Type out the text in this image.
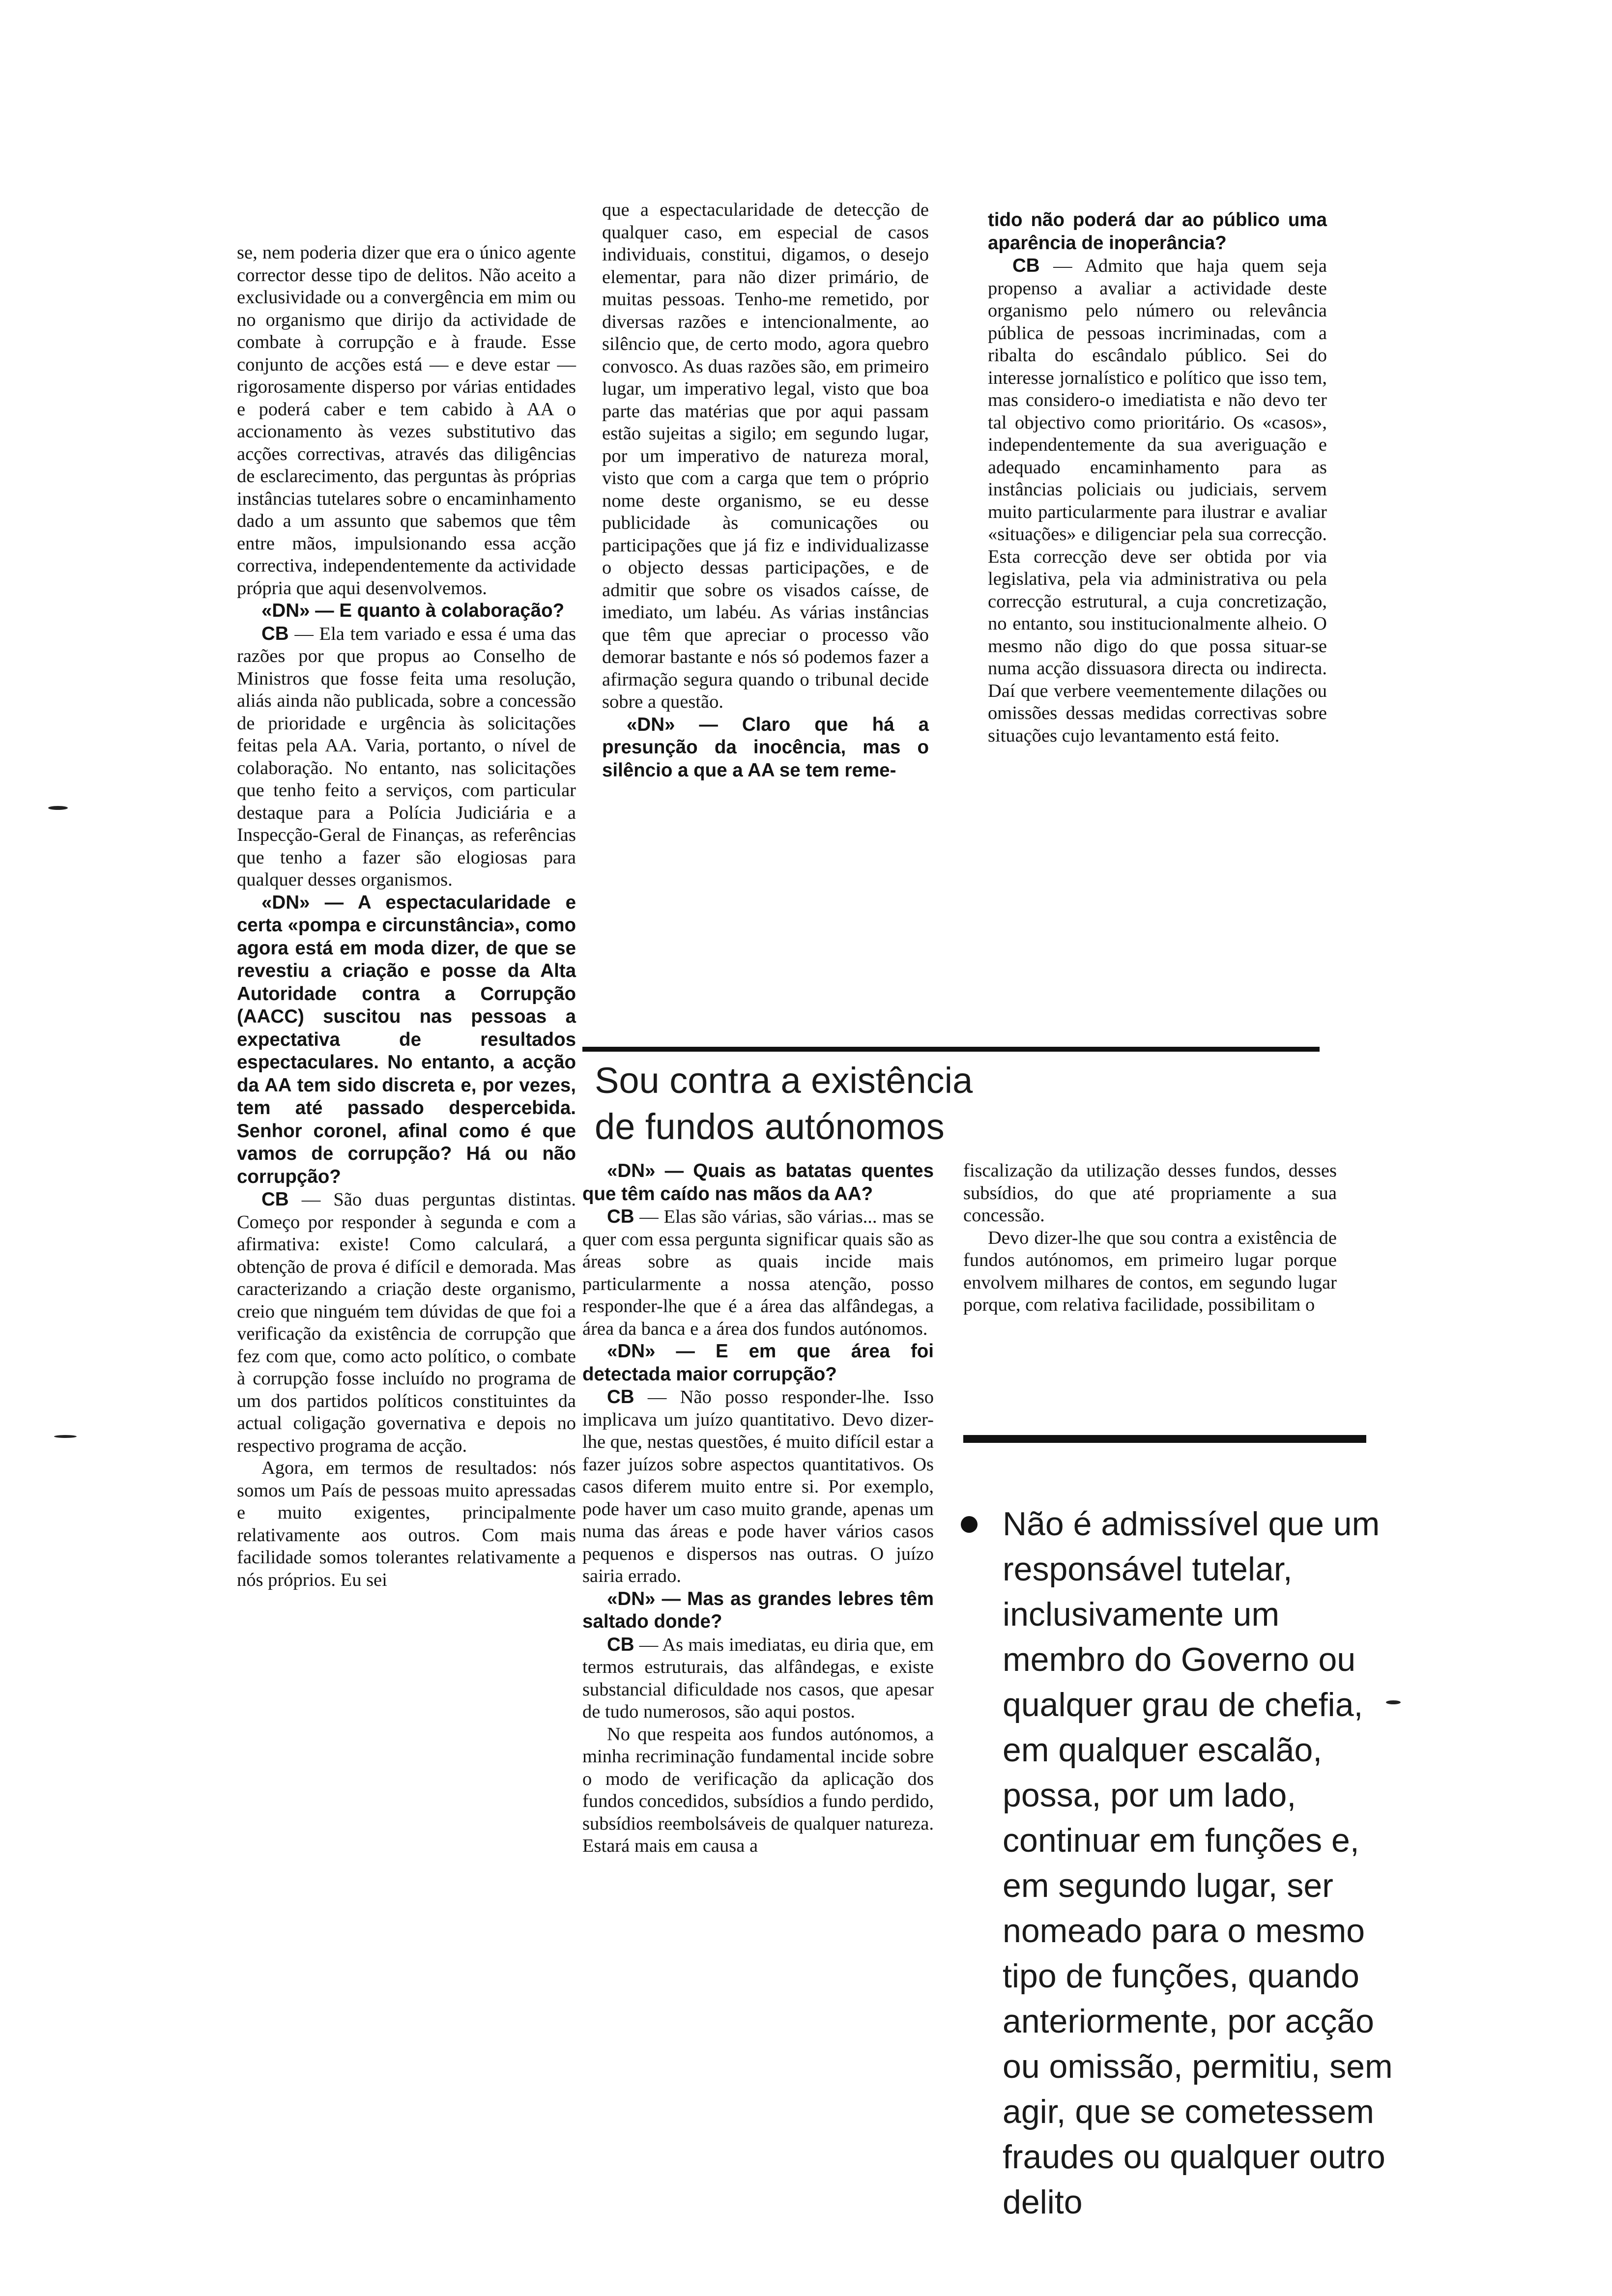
se, nem poderia dizer que era o único agente corrector desse tipo de delitos. Não aceito a exclusividade ou a convergência em mim ou no organismo que dirijo da actividade de combate à corrupção e à fraude. Esse conjunto de acções está — e deve estar — rigorosamente disperso por várias entidades e poderá caber e tem cabido à AA o accionamento às vezes substitutivo das acções correctivas, através das diligências de esclarecimento, das perguntas às próprias instâncias tutelares sobre o encaminhamento dado a um assunto que sabemos que têm entre mãos, impulsionando essa acção correctiva, independentemente da actividade própria que aqui desenvolvemos.

«DN» — E quanto à colaboração?

CB — Ela tem variado e essa é uma das razões por que propus ao Conselho de Ministros que fosse feita uma resolução, aliás ainda não publicada, sobre a concessão de prioridade e urgência às solicitações feitas pela AA. Varia, portanto, o nível de colaboração. No entanto, nas solicitações que tenho feito a serviços, com particular destaque para a Polícia Judiciária e a Inspecção-Geral de Finanças, as referências que tenho a fazer são elogiosas para qualquer desses organismos.

«DN» — A espectacularidade e certa «pompa e circunstância», como agora está em moda dizer, de que se revestiu a criação e posse da Alta Autoridade contra a Corrupção (AACC) suscitou nas pessoas a expectativa de resultados espectaculares. No entanto, a acção da AA tem sido discreta e, por vezes, tem até passado despercebida. Senhor coronel, afinal como é que vamos de corrupção? Há ou não corrupção?

CB — São duas perguntas distintas. Começo por responder à segunda e com a afirmativa: existe! Como calculará, a obtenção de prova é difícil e demorada. Mas caracterizando a criação deste organismo, creio que ninguém tem dúvidas de que foi a verificação da existência de corrupção que fez com que, como acto político, o combate à corrupção fosse incluído no programa de um dos partidos políticos constituintes da actual coligação governativa e depois no respectivo programa de acção.

Agora, em termos de resultados: nós somos um País de pessoas muito apressadas e muito exigentes, principalmente relativamente aos outros. Com mais facilidade somos tolerantes relativamente a nós próprios. Eu sei

que a espectacularidade de detecção de qualquer caso, em especial de casos individuais, constitui, digamos, o desejo elementar, para não dizer primário, de muitas pessoas. Tenho-me remetido, por diversas razões e intencionalmente, ao silêncio que, de certo modo, agora quebro convosco. As duas razões são, em primeiro lugar, um imperativo legal, visto que boa parte das matérias que por aqui passam estão sujeitas a sigilo; em segundo lugar, por um imperativo de natureza moral, visto que com a carga que tem o próprio nome deste organismo, se eu desse publicidade às comunicações ou participações que já fiz e individualizasse o objecto dessas participações, e de admitir que sobre os visados caísse, de imediato, um labéu. As várias instâncias que têm que apreciar o processo vão demorar bastante e nós só podemos fazer a afirmação segura quando o tribunal decide sobre a questão.

«DN» — Claro que há a presunção da inocência, mas o silêncio a que a AA se tem reme-

tido não poderá dar ao público uma aparência de inoperância?

CB — Admito que haja quem seja propenso a avaliar a actividade deste organismo pelo número ou relevância pública de pessoas incriminadas, com a ribalta do escândalo público. Sei do interesse jornalístico e político que isso tem, mas considero-o imediatista e não devo ter tal objectivo como prioritário. Os «casos», independentemente da sua averiguação e adequado encaminhamento para as instâncias policiais ou judiciais, servem muito particularmente para ilustrar e avaliar «situações» e diligenciar pela sua correcção. Esta correcção deve ser obtida por via legislativa, pela via administrativa ou pela correcção estrutural, a cuja concretização, no entanto, sou institucionalmente alheio. O mesmo não digo do que possa situar-se numa acção dissuasora directa ou indirecta. Daí que verbere veementemente dilações ou omissões dessas medidas correctivas sobre situações cujo levantamento está feito.

Sou contra a existência
de fundos autónomos

«DN» — Quais as batatas quentes que têm caído nas mãos da AA?

CB — Elas são várias, são várias... mas se quer com essa pergunta significar quais são as áreas sobre as quais incide mais particularmente a nossa atenção, posso responder-lhe que é a área das alfândegas, a área da banca e a área dos fundos autónomos.

«DN» — E em que área foi detectada maior corrupção?

CB — Não posso responder-lhe. Isso implicava um juízo quantitativo. Devo dizer-lhe que, nestas questões, é muito difícil estar a fazer juízos sobre aspectos quantitativos. Os casos diferem muito entre si. Por exemplo, pode haver um caso muito grande, apenas um numa das áreas e pode haver vários casos pequenos e dispersos nas outras. O juízo sairia errado.

«DN» — Mas as grandes lebres têm saltado donde?

CB — As mais imediatas, eu diria que, em termos estruturais, das alfândegas, e existe substancial dificuldade nos casos, que apesar de tudo numerosos, são aqui postos.

No que respeita aos fundos autónomos, a minha recriminação fundamental incide sobre o modo de verificação da aplicação dos fundos concedidos, subsídios a fundo perdido, subsídios reembolsáveis de qualquer natureza. Estará mais em causa a

fiscalização da utilização desses fundos, desses subsídios, do que até propriamente a sua concessão.

Devo dizer-lhe que sou contra a existência de fundos autónomos, em primeiro lugar porque envolvem milhares de contos, em segundo lugar porque, com relativa facilidade, possibilitam o

Não é admissível que um responsável tutelar, inclusivamente um membro do Governo ou qualquer grau de chefia, em qualquer escalão, possa, por um lado, continuar em funções e, em segundo lugar, ser nomeado para o mesmo tipo de funções, quando anteriormente, por acção ou omissão, permitiu, sem agir, que se cometessem fraudes ou qualquer outro delito
